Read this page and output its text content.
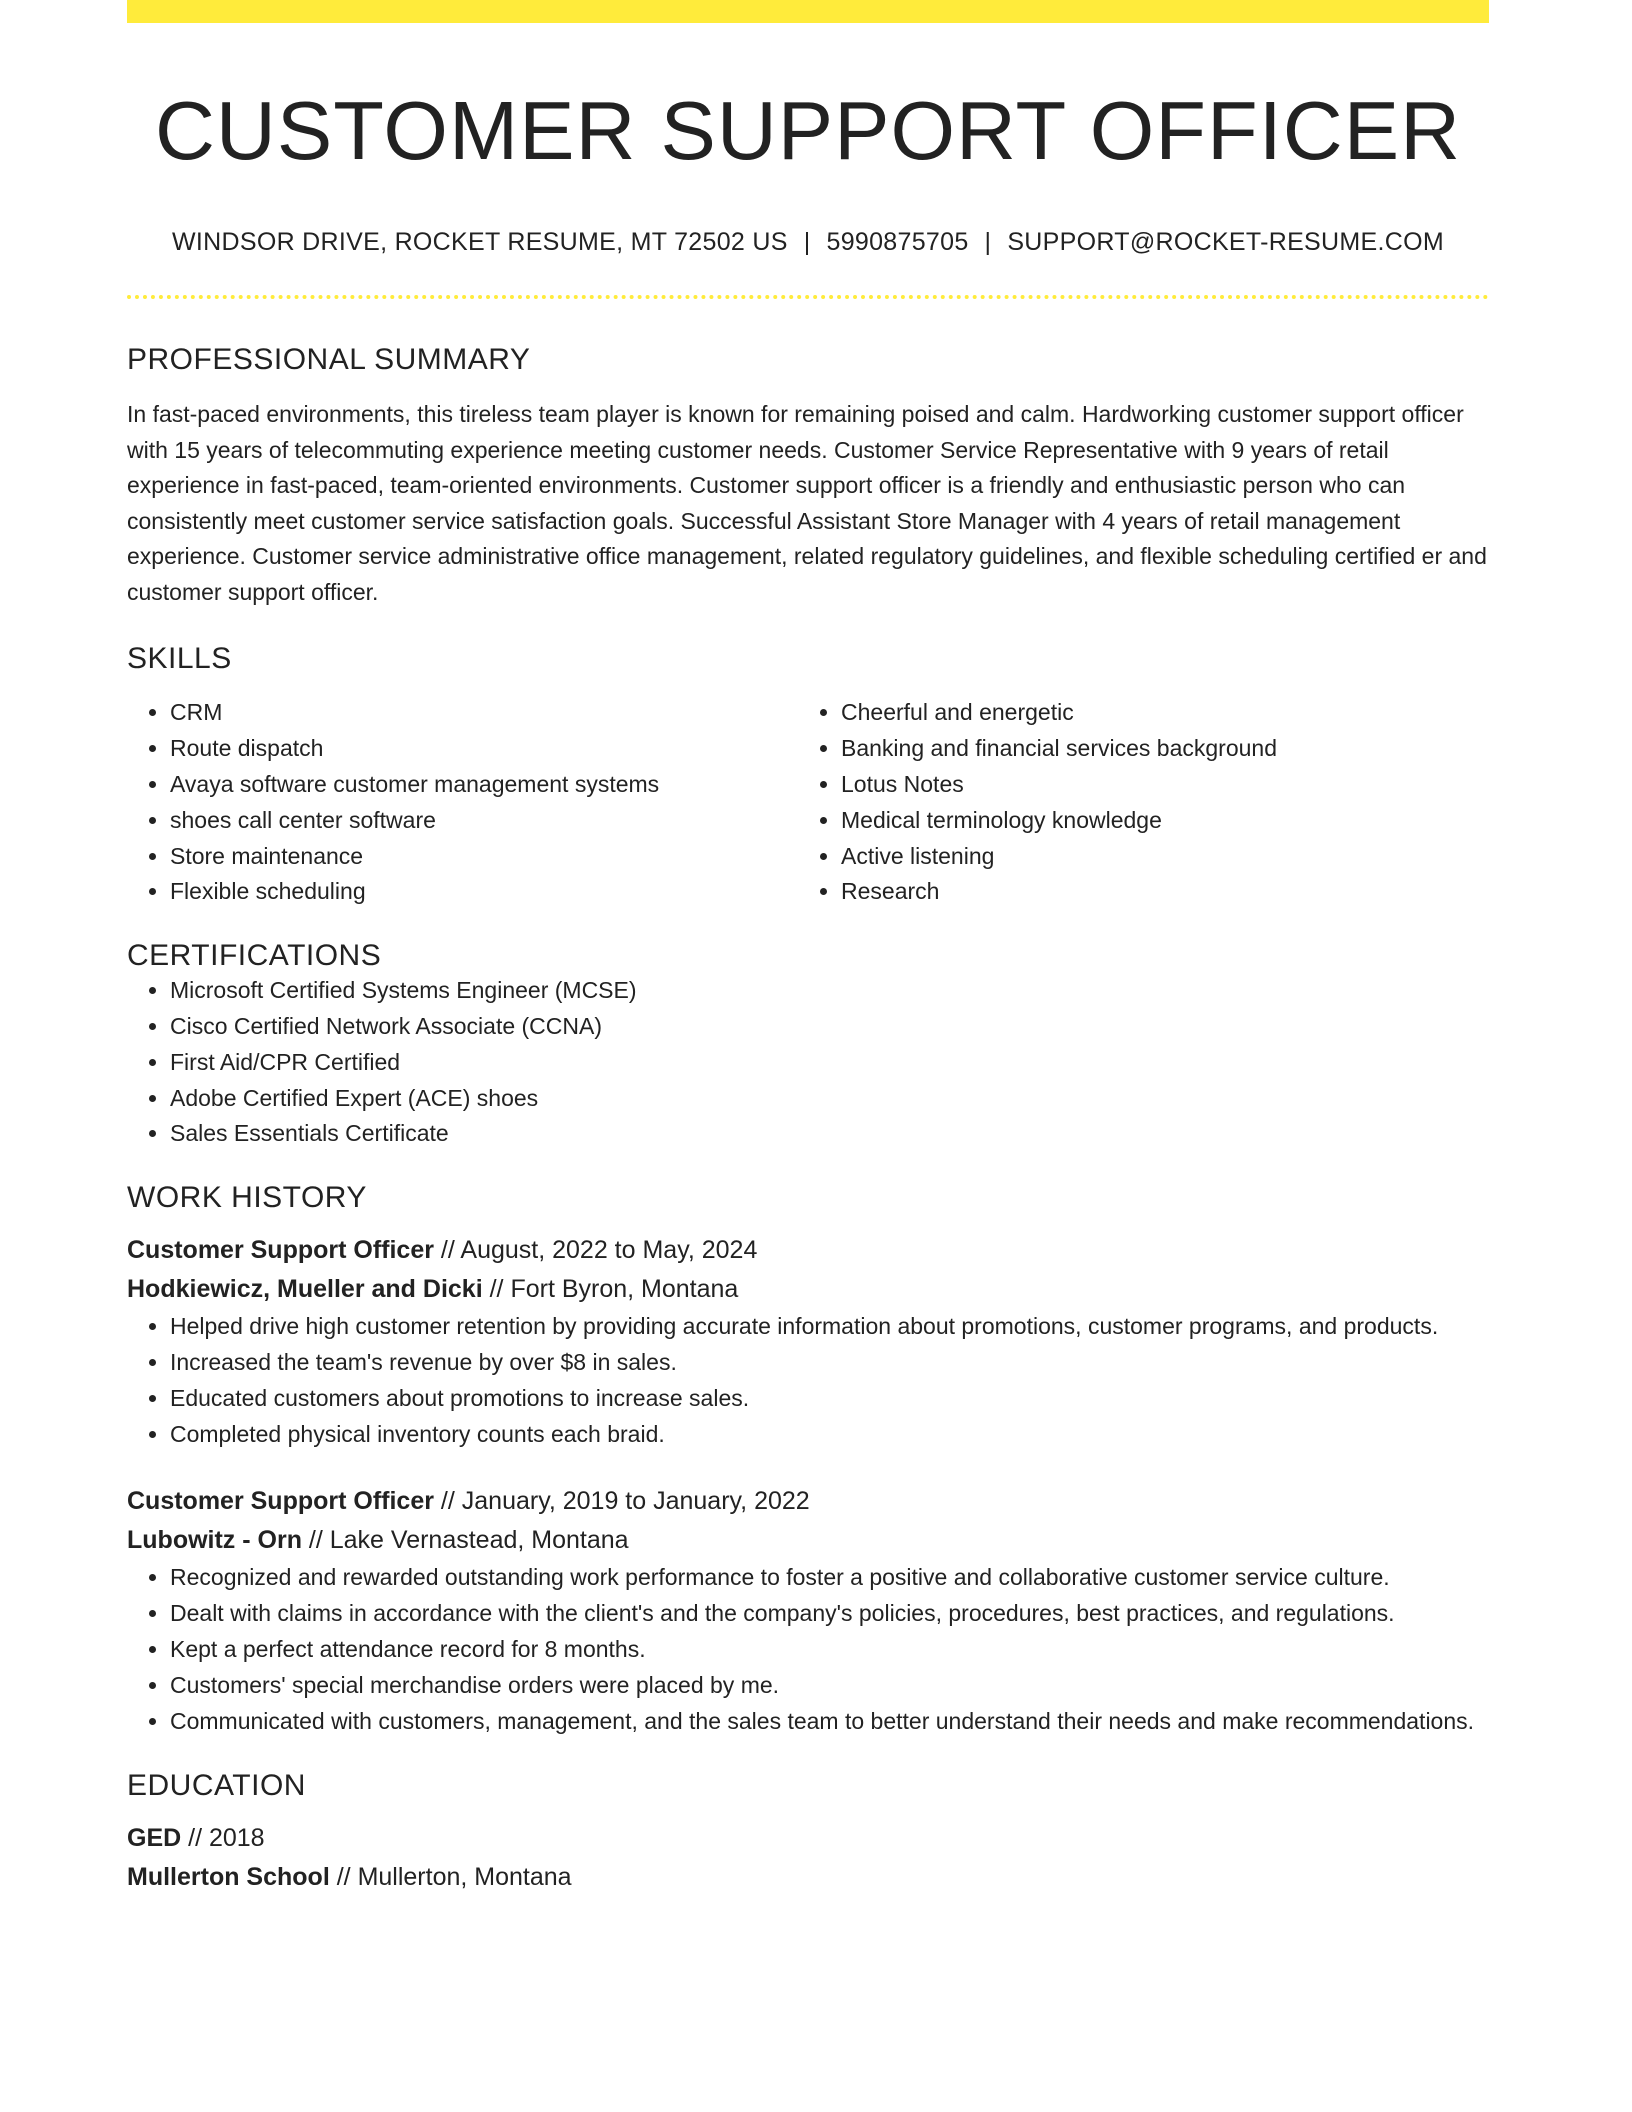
CUSTOMER SUPPORT OFFICER
WINDSOR DRIVE, ROCKET RESUME, MT 72502 US | 5990875705 | SUPPORT@ROCKET-RESUME.COM
PROFESSIONAL SUMMARY
In fast-paced environments, this tireless team player is known for remaining poised and calm. Hardworking customer support officer with 15 years of telecommuting experience meeting customer needs. Customer Service Representative with 9 years of retail experience in fast-paced, team-oriented environments. Customer support officer is a friendly and enthusiastic person who can consistently meet customer service satisfaction goals. Successful Assistant Store Manager with 4 years of retail management experience. Customer service administrative office management, related regulatory guidelines, and flexible scheduling certified er and customer support officer.
SKILLS
• CRM
• Route dispatch
• Avaya software customer management systems
• shoes call center software
• Store maintenance
• Flexible scheduling
• Cheerful and energetic
• Banking and financial services background
• Lotus Notes
• Medical terminology knowledge
• Active listening
• Research
CERTIFICATIONS
• Microsoft Certified Systems Engineer (MCSE)
• Cisco Certified Network Associate (CCNA)
• First Aid/CPR Certified
• Adobe Certified Expert (ACE) shoes
• Sales Essentials Certificate
WORK HISTORY
Customer Support Officer // August, 2022 to May, 2024
Hodkiewicz, Mueller and Dicki // Fort Byron, Montana
• Helped drive high customer retention by providing accurate information about promotions, customer programs, and products.
• Increased the team's revenue by over $8 in sales.
• Educated customers about promotions to increase sales.
• Completed physical inventory counts each braid.
Customer Support Officer // January, 2019 to January, 2022
Lubowitz - Orn // Lake Vernastead, Montana
• Recognized and rewarded outstanding work performance to foster a positive and collaborative customer service culture.
• Dealt with claims in accordance with the client's and the company's policies, procedures, best practices, and regulations.
• Kept a perfect attendance record for 8 months.
• Customers' special merchandise orders were placed by me.
• Communicated with customers, management, and the sales team to better understand their needs and make recommendations.
EDUCATION
GED // 2018
Mullerton School // Mullerton, Montana
